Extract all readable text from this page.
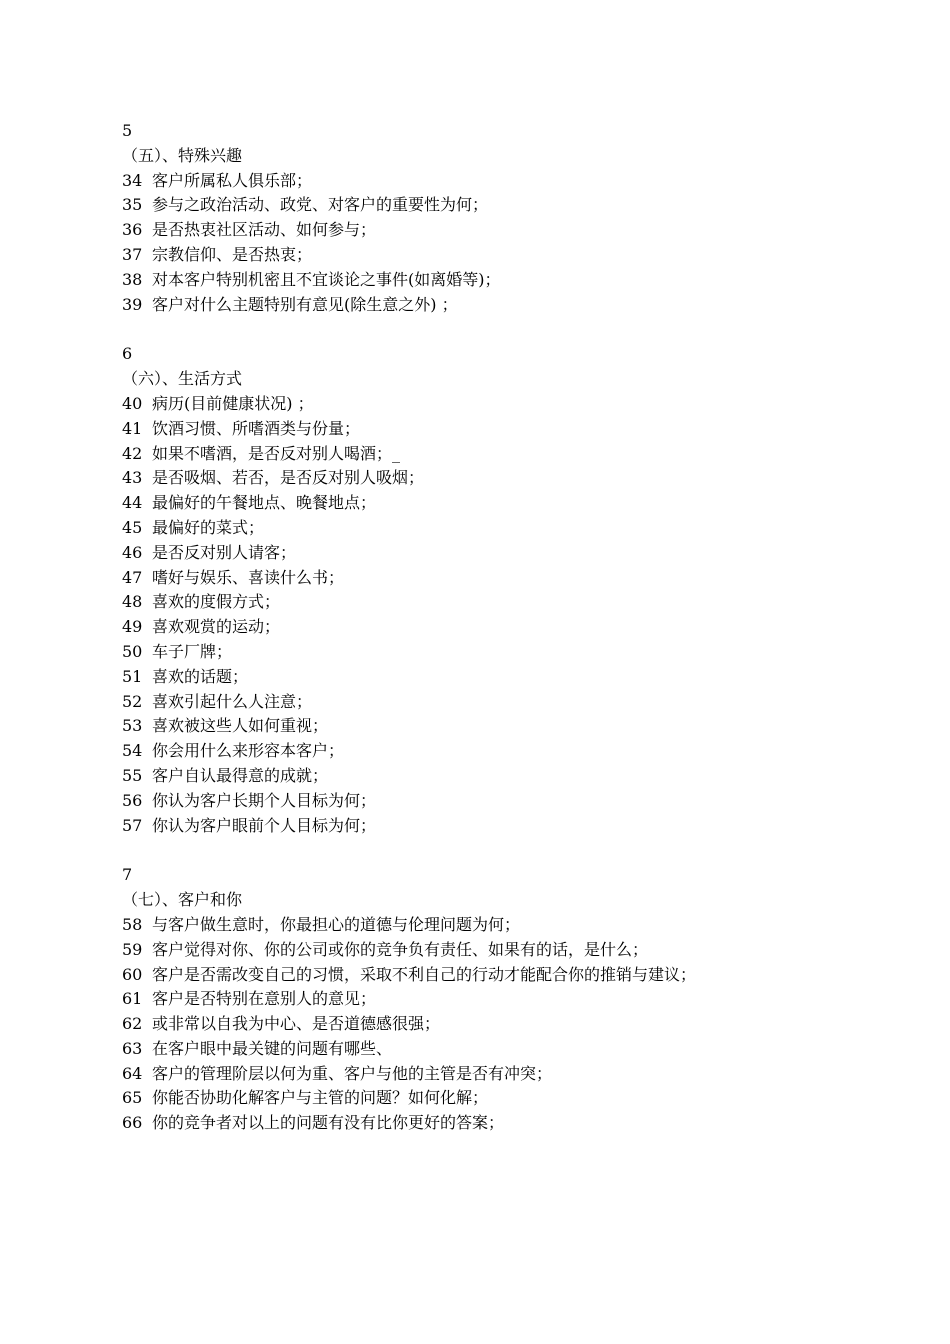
5
（五）、特殊兴趣
34 客户所属私人俱乐部；
35 参与之政治活动、政党、对客户的重要性为何；
36 是否热衷社区活动、如何参与；
37 宗教信仰、是否热衷；
38 对本客户特别机密且不宜谈论之事件(如离婚等)；
39 客户对什么主题特别有意见(除生意之外) ；
6
（六）、生活方式
40 病历(目前健康状况) ；
41 饮酒习惯、所嗜酒类与份量；
42 如果不嗜酒，是否反对别人喝酒；_
43 是否吸烟、若否，是否反对别人吸烟；
44 最偏好的午餐地点、晚餐地点；
45 最偏好的菜式；
46 是否反对别人请客；
47 嗜好与娱乐、喜读什么书；
48 喜欢的度假方式；
49 喜欢观赏的运动；
50 车子厂牌；
51 喜欢的话题；
52 喜欢引起什么人注意；
53 喜欢被这些人如何重视；
54 你会用什么来形容本客户；
55 客户自认最得意的成就；
56 你认为客户长期个人目标为何；
57 你认为客户眼前个人目标为何；
7
（七）、客户和你
58 与客户做生意时，你最担心的道德与伦理问题为何；
59 客户觉得对你、你的公司或你的竞争负有责任、如果有的话，是什么；
60 客户是否需改变自己的习惯，采取不利自己的行动才能配合你的推销与建议；
61 客户是否特别在意别人的意见；
62 或非常以自我为中心、是否道德感很强；
63 在客户眼中最关键的问题有哪些、
64 客户的管理阶层以何为重、客户与他的主管是否有冲突；
65 你能否协助化解客户与主管的问题？如何化解；
66 你的竞争者对以上的问题有没有比你更好的答案；
